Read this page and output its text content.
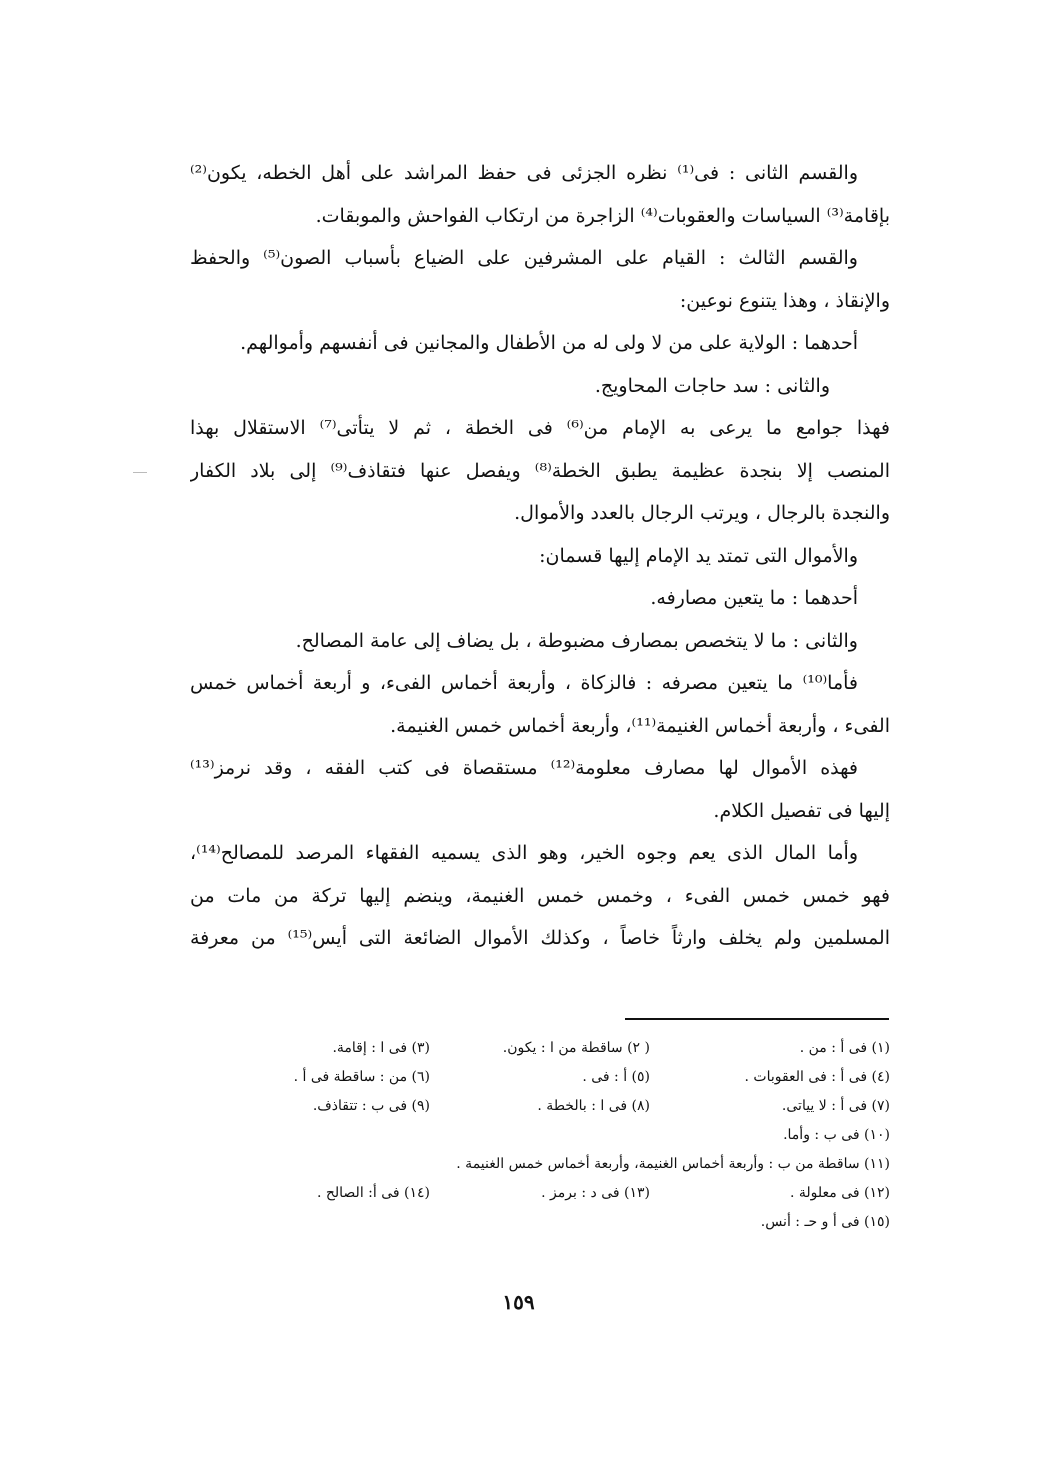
والقسم الثانى : فى⁽¹⁾ نظره الجزئى فى حفظ المراشد على أهل الخطه، يكون⁽²⁾
بإقامة⁽³⁾ السياسات والعقوبات⁽⁴⁾ الزاجرة من ارتكاب الفواحش والموبقات.
والقسم الثالث : القيام على المشرفين على الضياع بأسباب الصون⁽⁵⁾ والحفظ
والإنقاذ ، وهذا يتنوع نوعين:
أحدهما : الولاية على من لا ولى له من الأطفال والمجانين فى أنفسهم وأموالهم.
والثانى : سد حاجات المحاويج.
فهذا جوامع ما يرعى به الإمام من⁽⁶⁾ فى الخطة ، ثم لا يتأتى⁽⁷⁾ الاستقلال بهذا
المنصب إلا بنجدة عظيمة يطبق الخطة⁽⁸⁾ ويفصل عنها فتقاذف⁽⁹⁾ إلى بلاد الكفار
والنجدة بالرجال ، ويرتب الرجال بالعدد والأموال.
والأموال التى تمتد يد الإمام إليها قسمان:
أحدهما : ما يتعين مصارفه.
والثانى : ما لا يتخصص بمصارف مضبوطة ، بل يضاف إلى عامة المصالح.
فأما⁽¹⁰⁾ ما يتعين مصرفه : فالزكاة ، وأربعة أخماس الفىء، و أربعة أخماس خمس
الفىء ، وأربعة أخماس الغنيمة⁽¹¹⁾، وأربعة أخماس خمس الغنيمة.
فهذه الأموال لها مصارف معلومة⁽¹²⁾ مستقصاة فى كتب الفقه ، وقد نرمز⁽¹³⁾
إليها فى تفصيل الكلام.
وأما المال الذى يعم وجوه الخير، وهو الذى يسميه الفقهاء المرصد للمصالح⁽¹⁴⁾،
فهو خمس خمس الفىء ، وخمس خمس الغنيمة، وينضم إليها تركة من مات من
المسلمين ولم يخلف وارثاً خاصاً ، وكذلك الأموال الضائعة التى أيس⁽¹⁵⁾ من معرفة
(١) فى أ : من .
( ٢) ساقطة من ا : يكون.
(٣) فى ا : إقامة.
(٤) فى أ : فى العقوبات .
(٥) أ : فى .
(٦) من : ساقطة فى أ .
(٧) فى أ : لا يياتى.
(٨) فى ا : بالخطة .
(٩) فى ب : تتقاذف.
(١٠) فى ب : وأما.
(١١) ساقطة من ب : وأربعة أخماس الغنيمة، وأربعة أخماس خمس الغنيمة .
(١٢) فى معلولة .
(١٣) فى د : برمز .
(١٤) فى أ: الصالح .
(١٥) فى أ و حـ : أنس.
١٥٩
